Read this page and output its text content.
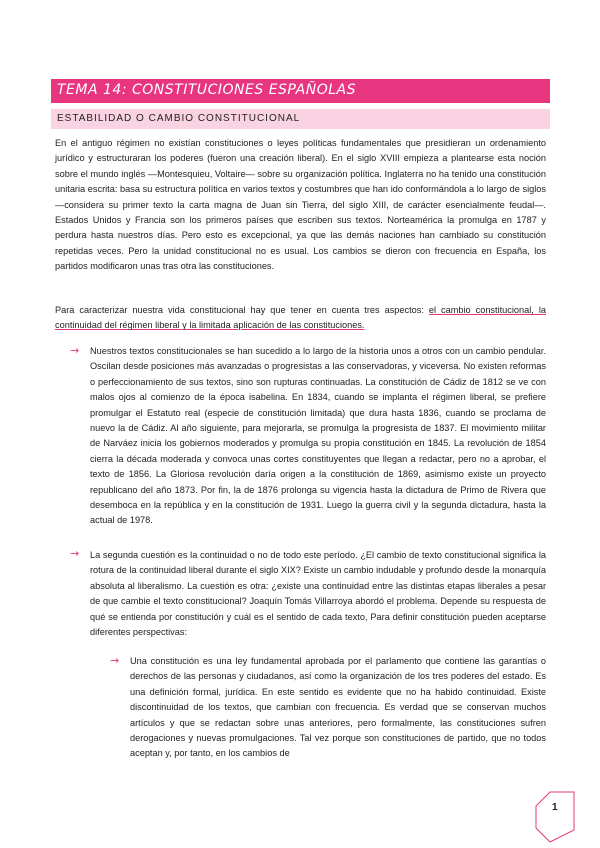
TEMA 14: CONSTITUCIONES ESPAÑOLAS
ESTABILIDAD O CAMBIO CONSTITUCIONAL
En el antiguo régimen no existían constituciones o leyes políticas fundamentales que presidieran un ordenamiento jurídico y estructuraran los poderes (fueron una creación liberal). En el siglo XVIII empieza a plantearse esta noción sobre el mundo inglés —Montesquieu, Voltaire— sobre su organización política. Inglaterra no ha tenido una constitución unitaria escrita: basa su estructura política en varios textos y costumbres que han ido conformándola a lo largo de siglos —considera su primer texto la carta magna de Juan sin Tierra, del siglo XIII, de carácter esencialmente feudal—. Estados Unidos y Francia son los primeros países que escriben sus textos. Norteamérica la promulga en 1787 y perdura hasta nuestros días. Pero esto es excepcional, ya que las demás naciones han cambiado su constitución repetidas veces. Pero la unidad constitucional no es usual. Los cambios se dieron con frecuencia en España, los partidos modificaron unas tras otra las constituciones.
Para caracterizar nuestra vida constitucional hay que tener en cuenta tres aspectos: el cambio constitucional, la continuidad del régimen liberal y la limitada aplicación de las constituciones.
→ Nuestros textos constitucionales se han sucedido a lo largo de la historia unos a otros con un cambio pendular. Oscilan desde posiciones más avanzadas o progresistas a las conservadoras, y viceversa. No existen reformas o perfeccionamiento de sus textos, sino son rupturas continuadas. La constitución de Cádiz de 1812 se ve con malos ojos al comienzo de la época isabelina. En 1834, cuando se implanta el régimen liberal, se prefiere promulgar el Estatuto real (especie de constitución limitada) que dura hasta 1836, cuando se proclama de nuevo la de Cádiz. Al año siguiente, para mejorarla, se promulga la progresista de 1837. El movimiento militar de Narváez inicia los gobiernos moderados y promulga su propia constitución en 1845. La revolución de 1854 cierra la década moderada y convoca unas cortes constituyentes que llegan a redactar, pero no a aprobar, el texto de 1856. La Gloriosa revolución daría origen a la constitución de 1869, asimismo existe un proyecto republicano del año 1873. Por fin, la de 1876 prolonga su vigencia hasta la dictadura de Primo de Rivera que desemboca en la república y en la constitución de 1931. Luego la guerra civil y la segunda dictadura, hasta la actual de 1978.
→ La segunda cuestión es la continuidad o no de todo este período. ¿El cambio de texto constitucional significa la rotura de la continuidad liberal durante el siglo XIX? Existe un cambio indudable y profundo desde la monarquía absoluta al liberalismo. La cuestión es otra: ¿existe una continuidad entre las distintas etapas liberales a pesar de que cambie el texto constitucional? Joaquín Tomás Villarroya abordó el problema. Depende su respuesta de qué se entienda por constitución y cuál es el sentido de cada texto, Para definir constitución pueden aceptarse diferentes perspectivas:
→ Una constitución es una ley fundamental aprobada por el parlamento que contiene las garantías o derechos de las personas y ciudadanos, así como la organización de los tres poderes del estado. Es una definición formal, jurídica. En este sentido es evidente que no ha habido continuidad. Existe discontinuidad de los textos, que cambian con frecuencia. Es verdad que se conservan muchos artículos y que se redactan sobre unas anteriores, pero formalmente, las constituciones sufren derogaciones y nuevas promulgaciones. Tal vez porque son constituciones de partido, que no todos aceptan y, por tanto, en los cambios de
1
